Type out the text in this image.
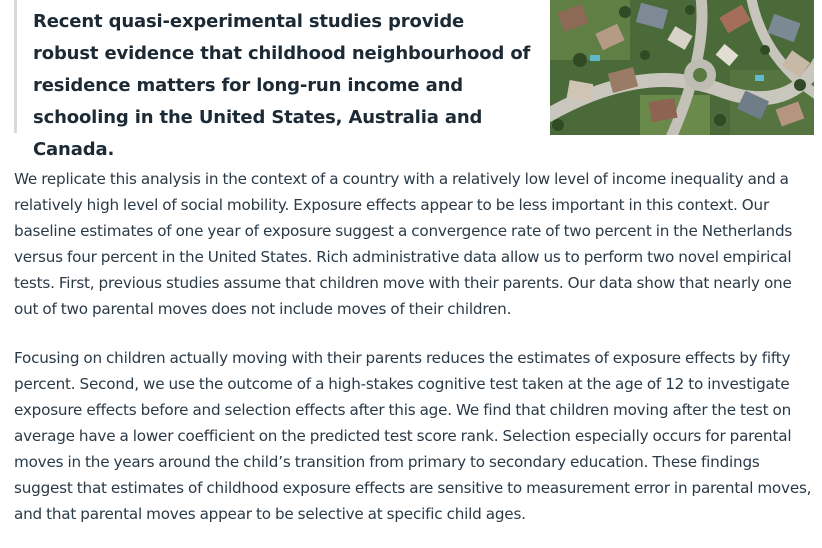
Recent quasi-experimental studies provide robust evidence that childhood neighbourhood of residence matters for long-run income and schooling in the United States, Australia and Canada.

We replicate this analysis in the context of a country with a relatively low level of income inequality and a relatively high level of social mobility. Exposure effects appear to be less important in this context. Our baseline estimates of one year of exposure suggest a convergence rate of two percent in the Netherlands versus four percent in the United States. Rich administrative data allow us to perform two novel empirical tests. First, previous studies assume that children move with their parents. Our data show that nearly one out of two parental moves does not include moves of their children.

Focusing on children actually moving with their parents reduces the estimates of exposure effects by fifty percent. Second, we use the outcome of a high-stakes cognitive test taken at the age of 12 to investigate exposure effects before and selection effects after this age. We find that children moving after the test on average have a lower coefficient on the predicted test score rank. Selection especially occurs for parental moves in the years around the child’s transition from primary to secondary education. These findings suggest that estimates of childhood exposure effects are sensitive to measurement error in parental moves, and that parental moves appear to be selective at specific child ages.
